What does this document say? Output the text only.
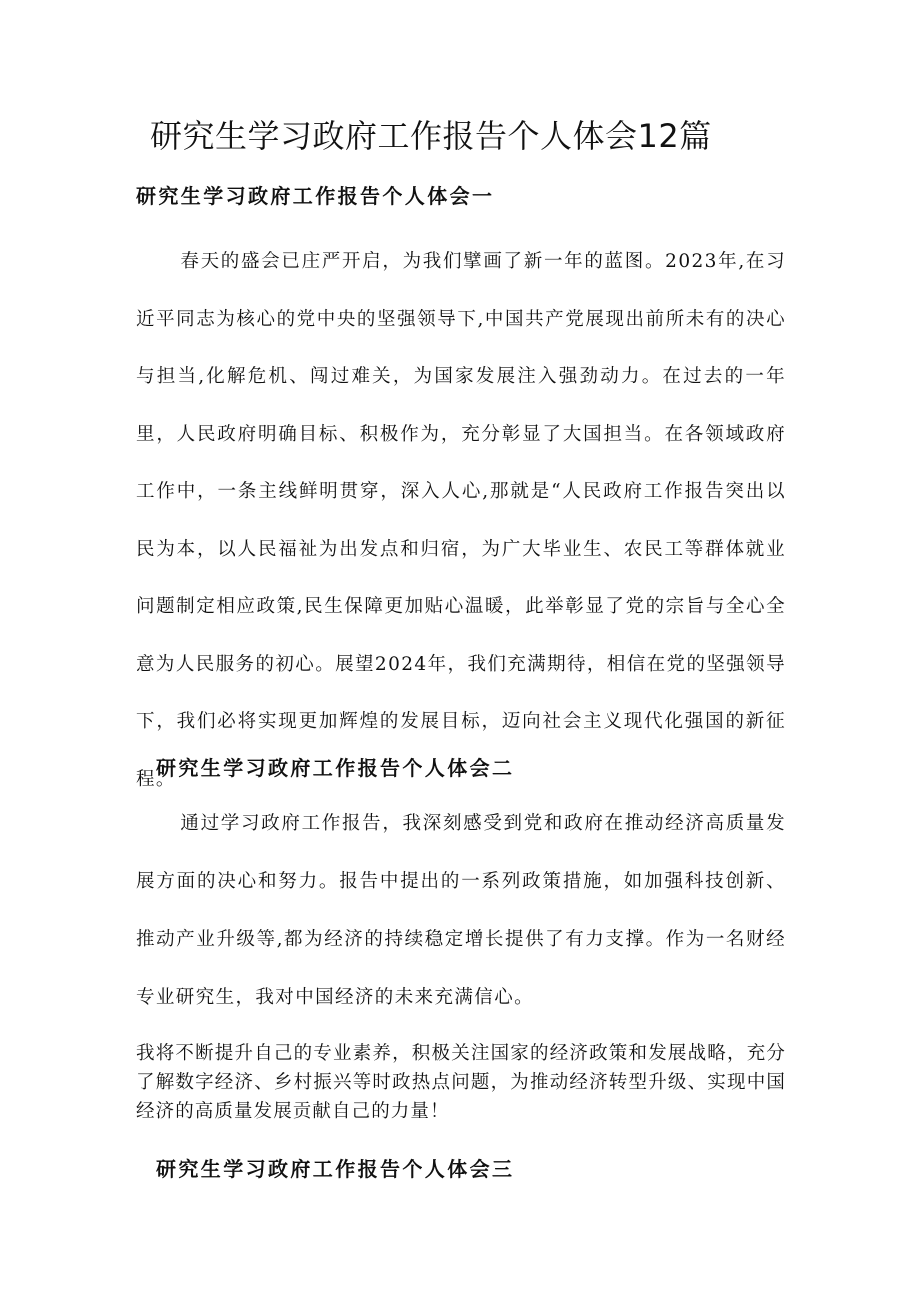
研究生学习政府工作报告个人体会12篇
研究生学习政府工作报告个人体会一

春天的盛会已庄严开启，为我们擘画了新一年的蓝图。2023年,在习近平同志为核心的党中央的坚强领导下,中国共产党展现出前所未有的决心与担当,化解危机、闯过难关，为国家发展注入强劲动力。在过去的一年里，人民政府明确目标、积极作为，充分彰显了大国担当。在各领域政府工作中，一条主线鲜明贯穿，深入人心,那就是“人民政府工作报告突出以民为本，以人民福祉为出发点和归宿，为广大毕业生、农民工等群体就业问题制定相应政策,民生保障更加贴心温暖，此举彰显了党的宗旨与全心全意为人民服务的初心。展望2024年，我们充满期待，相信在党的坚强领导下，我们必将实现更加辉煌的发展目标，迈向社会主义现代化强国的新征程。

研究生学习政府工作报告个人体会二

通过学习政府工作报告，我深刻感受到党和政府在推动经济高质量发展方面的决心和努力。报告中提出的一系列政策措施，如加强科技创新、推动产业升级等,都为经济的持续稳定增长提供了有力支撑。作为一名财经专业研究生，我对中国经济的未来充满信心。

我将不断提升自己的专业素养，积极关注国家的经济政策和发展战略，充分了解数字经济、乡村振兴等时政热点问题，为推动经济转型升级、实现中国经济的高质量发展贡献自己的力量！

研究生学习政府工作报告个人体会三
